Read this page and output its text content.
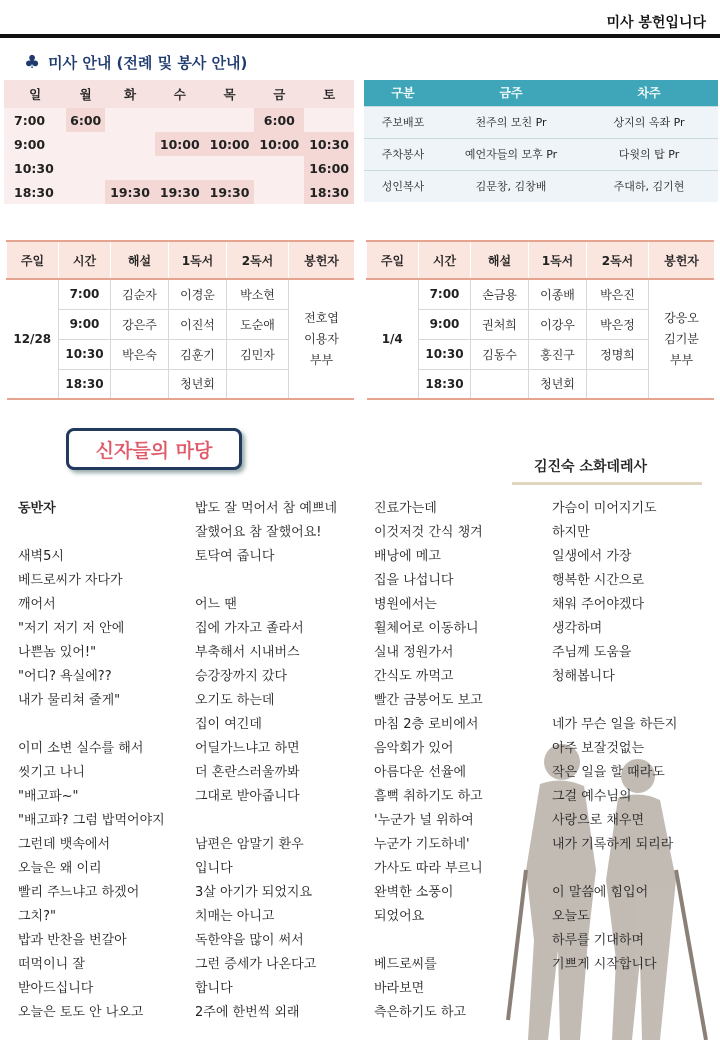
미사 봉헌입니다
♣ 미사 안내 (전례 및 봉사 안내)
일	월	화	수	목	금	토
7:00	6:00				6:00	
9:00			10:00	10:00	10:00	10:30
10:30						16:00
18:30		19:30	19:30	19:30		18:30
구분	금주	차주
주보배포	천주의 모친 Pr	상지의 옥좌 Pr
주차봉사	예언자들의 모후 Pr	다윗의 탑 Pr
성인복사	김문창, 김창배	주대하, 김기현
주일	시간	해설	1독서	2독서	봉헌자
12/28	7:00	김순자	이경운	박소현	전호엽
이용자
부부

	9:00	강은주	이진석	도순애	
	10:30	박은숙	김훈기	김민자	
	18:30		청년회		
주일	시간	해설	1독서	2독서	봉헌자
1/4	7:00	손금용	이종배	박은진	강응오
김기분
부부

	9:00	권처희	이강우	박은정	
	10:30	김동수	홍진구	정명희	
	18:30		청년회		
신자들의 마당
김진숙 소화데레사
동반자
새벽5시
베드로씨가 자다가
깨어서
"저기 저기 저 안에
나쁜놈 있어!"
"어디? 욕실에??
내가 물리쳐 줄게"
이미 소변 실수를 해서
씻기고 나니
"배고파~"
"배고파? 그럼 밥먹어야지
그런데 뱃속에서
오늘은 왜 이리
빨리 주느냐고 하겠어
그치?"
밥과 반찬을 번갈아
떠먹이니 잘
받아드십니다
오늘은 토도 안 나오고
밥도 잘 먹어서 참 예쁘네
잘했어요 참 잘했어요!
토닥여 줍니다
어느 땐
집에 가자고 졸라서
부축해서 시내버스
승강장까지 갔다
오기도 하는데
집이 여긴데
어딜가느냐고 하면
더 혼란스러울까봐
그대로 받아줍니다
남편은 암말기 환우
입니다
3살 아기가 되었지요
치매는 아니고
독한약을 많이 써서
그런 증세가 나온다고
합니다
2주에 한번씩 외래
진료가는데
이것저것 간식 챙겨
배낭에 메고
집을 나섭니다
병원에서는
휠체어로 이동하니
실내 정원가서
간식도 까먹고
빨간 금붕어도 보고
마침 2층 로비에서
음악회가 있어
아름다운 선율에
흠뻑 취하기도 하고
'누군가 널 위하여
누군가 기도하네'
가사도 따라 부르니
완벽한 소풍이
되었어요
베드로씨를
바라보면
측은하기도 하고
가슴이 미어지기도
하지만
일생에서 가장
행복한 시간으로
채워 주어야겠다
생각하며
주님께 도움을
청해봅니다
네가 무슨 일을 하든지
아주 보잘것없는
작은 일을 할 때라도
그걸 예수님의
사랑으로 채우면
내가 기록하게 되리라
이 말씀에 힘입어
오늘도
하루를 기대하며
기쁘게 시작합니다
